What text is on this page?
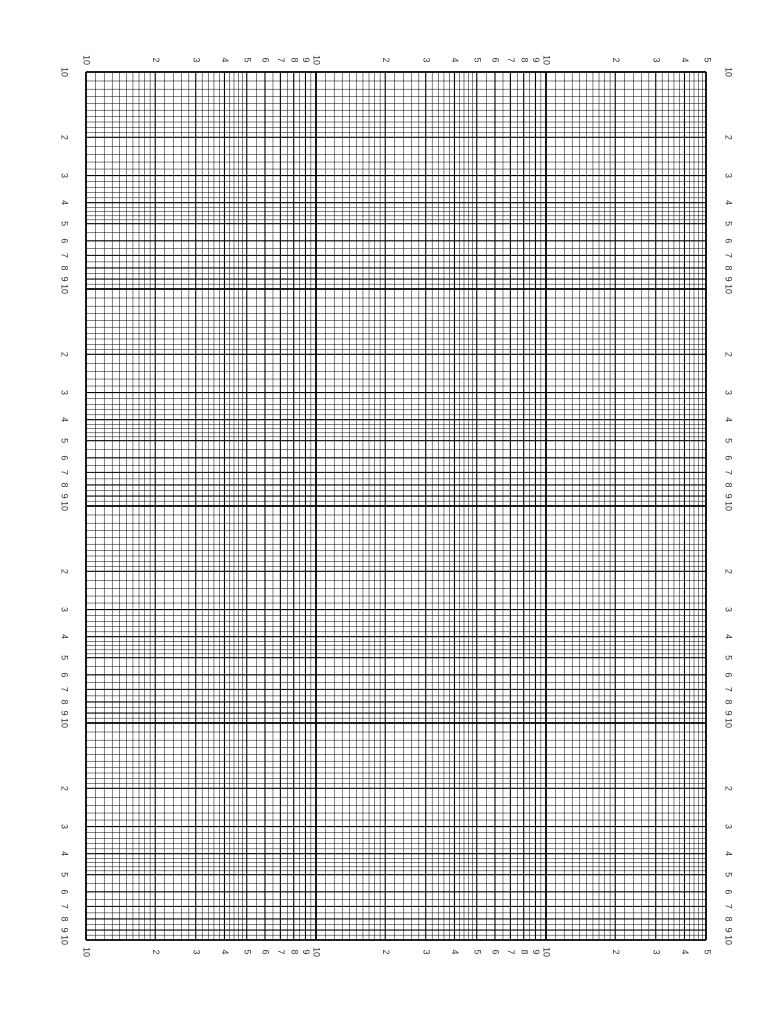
10
10
2
2
3
3
4
4
5
5
6
6
7
7
8
8
9
9
10
10
2
2
3
3
4
4
5
5
6
6
7
7
8
8
9
9
10
10
2
2
3
3
4
4
5
5
10	10
2	2
3	3
4	4
5	5
6	6
7	7
8	8
9	9
10	10
2	2
3	3
4	4
5	5
6	6
7	7
8	8
9	9
10	10
2	2
3	3
4	4
5	5
6	6
7	7
8	8
9	9
10	10
2	2
3	3
4	4
5	5
6	6
7	7
8	8
9	9
10	10
